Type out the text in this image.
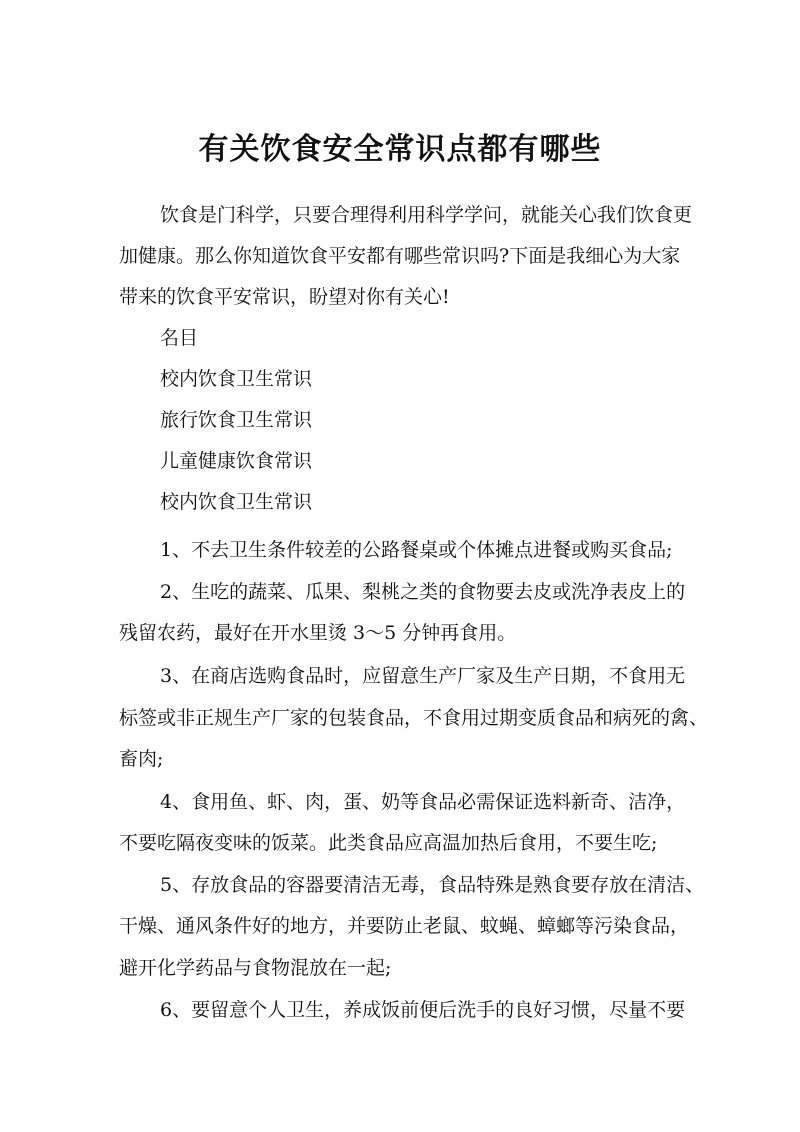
有关饮食安全常识点都有哪些

饮食是门科学，只要合理得利用科学学问，就能关心我们饮食更

加健康。那么你知道饮食平安都有哪些常识吗?下面是我细心为大家

带来的饮食平安常识，盼望对你有关心!

名目

校内饮食卫生常识

旅行饮食卫生常识

儿童健康饮食常识

校内饮食卫生常识

1、不去卫生条件较差的公路餐桌或个体摊点进餐或购买食品;

2、生吃的蔬菜、瓜果、梨桃之类的食物要去皮或洗净表皮上的

残留农药，最好在开水里烫 3～5 分钟再食用。

3、在商店选购食品时，应留意生产厂家及生产日期，不食用无

标签或非正规生产厂家的包装食品，不食用过期变质食品和病死的禽、

畜肉;

4、食用鱼、虾、肉，蛋、奶等食品必需保证选料新奇、洁净，

不要吃隔夜变味的饭菜。此类食品应高温加热后食用，不要生吃;

5、存放食品的容器要清洁无毒，食品特殊是熟食要存放在清洁、

干燥、通风条件好的地方，并要防止老鼠、蚊蝇、蟑螂等污染食品，

避开化学药品与食物混放在一起;

6、要留意个人卫生，养成饭前便后洗手的良好习惯，尽量不要
